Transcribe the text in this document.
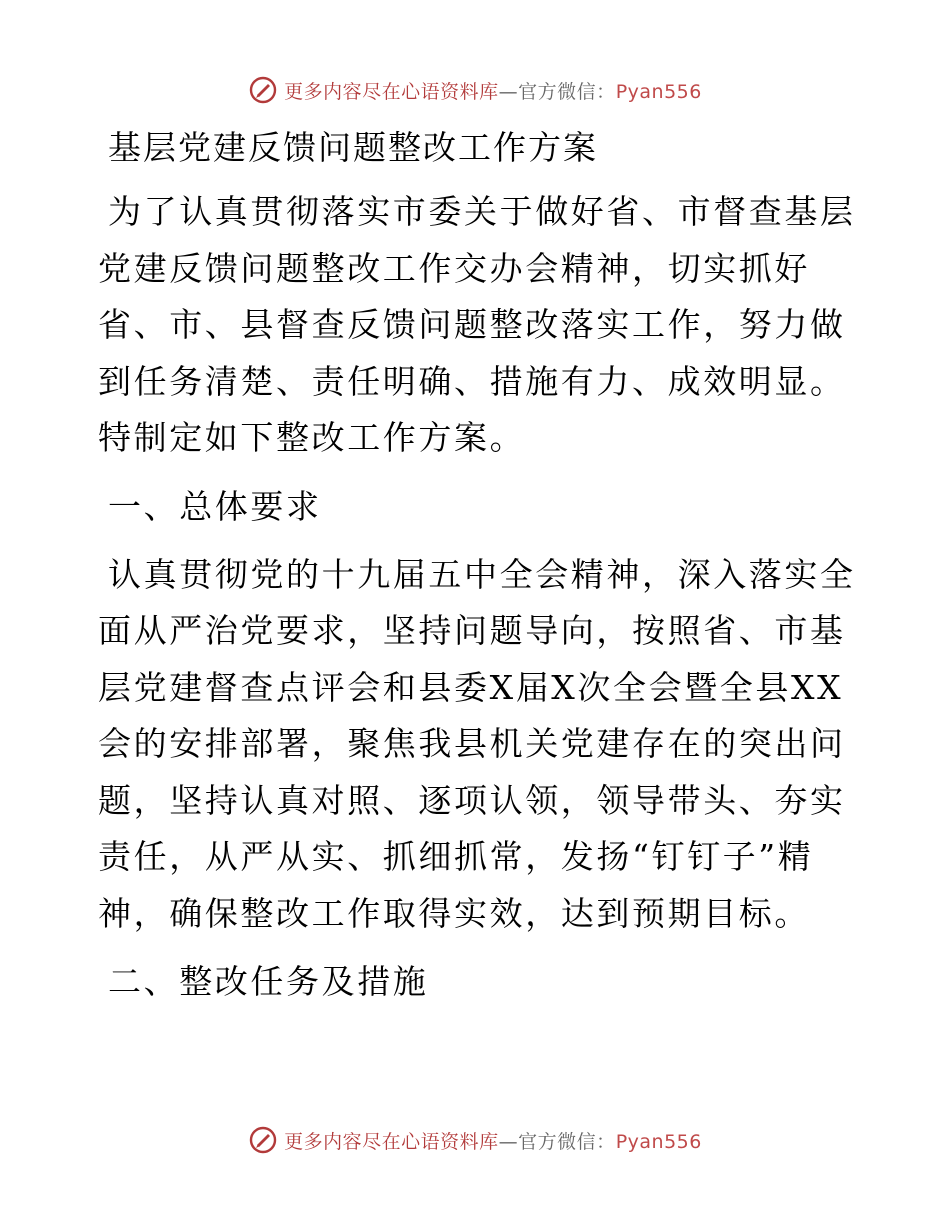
更多内容尽在心语资料库—官方微信：Pyan556
基层党建反馈问题整改工作方案

为了认真贯彻落实市委关于做好省、市督查基层党建反馈问题整改工作交办会精神，切实抓好省、市、县督查反馈问题整改落实工作，努力做到任务清楚、责任明确、措施有力、成效明显。特制定如下整改工作方案。

一、总体要求

认真贯彻党的十九届五中全会精神，深入落实全面从严治党要求，坚持问题导向，按照省、市基层党建督查点评会和县委X届X次全会暨全县XX会的安排部署，聚焦我县机关党建存在的突出问题，坚持认真对照、逐项认领，领导带头、夯实责任，从严从实、抓细抓常，发扬“钉钉子”精神，确保整改工作取得实效，达到预期目标。

二、整改任务及措施
更多内容尽在心语资料库—官方微信：Pyan556
